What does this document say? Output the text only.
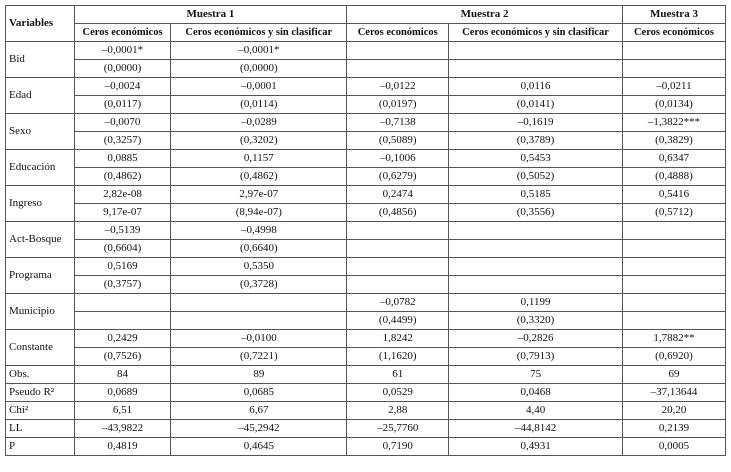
Variables	Muestra 1		Muestra 2		Muestra 3
	Ceros económicos	Ceros económicos y sin clasificar	Ceros económicos	Ceros económicos y sin clasificar	Ceros económicos
Bid	–0,0001*	–0,0001*			
	(0,0000)	(0,0000)			
Edad	–0,0024	–0,0001	–0,0122	0,0116	–0,0211
	(0,0117)	(0,0114)	(0,0197)	(0,0141)	(0,0134)
Sexo	–0,0070	–0,0289	–0,7138	–0,1619	–1,3822***
	(0,3257)	(0,3202)	(0,5089)	(0,3789)	(0,3829)
Educación	0,0885	0,1157	–0,1006	0,5453	0,6347
	(0,4862)	(0,4862)	(0,6279)	(0,5052)	(0,4888)
Ingreso	2,82e-08	2,97e-07	0,2474	0,5185	0,5416
	9,17e-07	(8,94e-07)	(0,4856)	(0,3556)	(0,5712)
Act-Bosque	–0,5139	–0,4998			
	(0,6604)	(0,6640)			
Programa	0,5169	0,5350			
	(0,3757)	(0,3728)			
Municipio			–0,0782	0,1199	
			(0,4499)	(0,3320)	
Constante	0,2429	–0,0100	1,8242	–0,2826	1,7882**
	(0,7526)	(0,7221)	(1,1620)	(0,7913)	(0,6920)
Obs.	84	89	61	75	69
Pseudo R²	0,0689	0,0685	0,0529	0,0468	–37,13644
Chi²	6,51	6,67	2,88	4,40	20,20
LL	–43,9822	–45,2942	–25,7760	–44,8142	0,2139
P	0,4819	0,4645	0,7190	0,4931	0,0005
